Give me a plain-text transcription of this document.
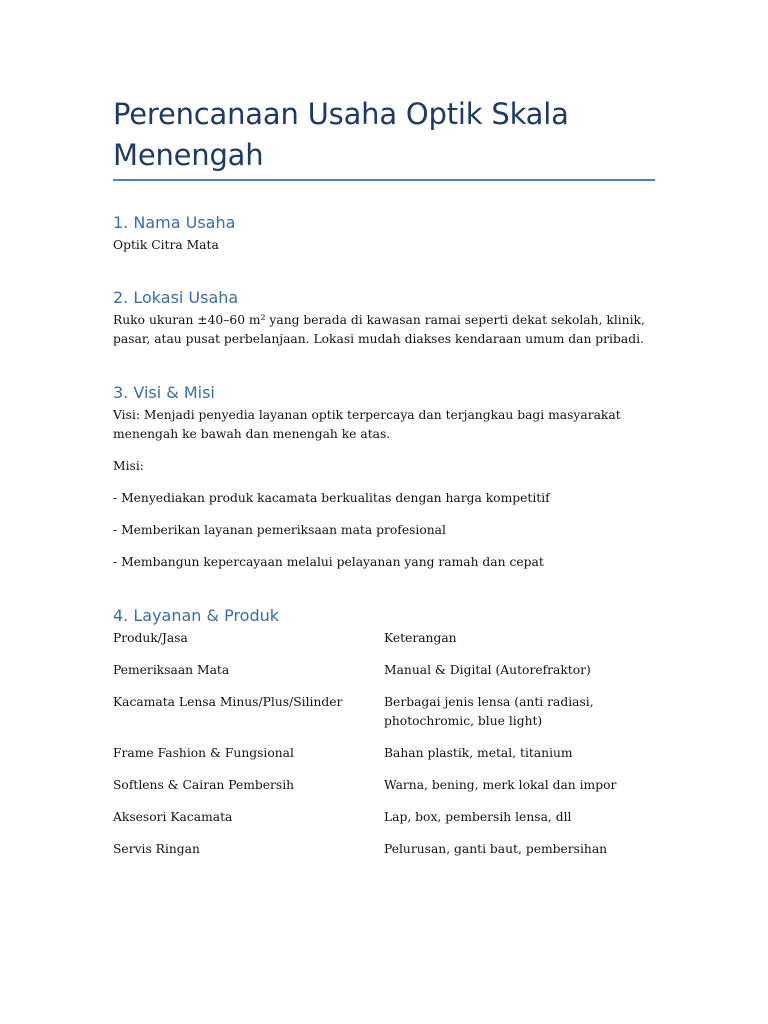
Perencanaan Usaha Optik Skala Menengah
1. Nama Usaha

Optik Citra Mata

2. Lokasi Usaha

Ruko ukuran ±40–60 m² yang berada di kawasan ramai seperti dekat sekolah, klinik, pasar, atau pusat perbelanjaan. Lokasi mudah diakses kendaraan umum dan pribadi.

3. Visi & Misi

Visi: Menjadi penyedia layanan optik terpercaya dan terjangkau bagi masyarakat menengah ke bawah dan menengah ke atas.

Misi:

- Menyediakan produk kacamata berkualitas dengan harga kompetitif

- Memberikan layanan pemeriksaan mata profesional

- Membangun kepercayaan melalui pelayanan yang ramah dan cepat

4. Layanan & Produk
Produk/Jasa	Keterangan
Pemeriksaan Mata	Manual & Digital (Autorefraktor)
Kacamata Lensa Minus/Plus/Silinder	Berbagai jenis lensa (anti radiasi, photochromic, blue light)
Frame Fashion & Fungsional	Bahan plastik, metal, titanium
Softlens & Cairan Pembersih	Warna, bening, merk lokal dan impor
Aksesori Kacamata	Lap, box, pembersih lensa, dll
Servis Ringan	Pelurusan, ganti baut, pembersihan
